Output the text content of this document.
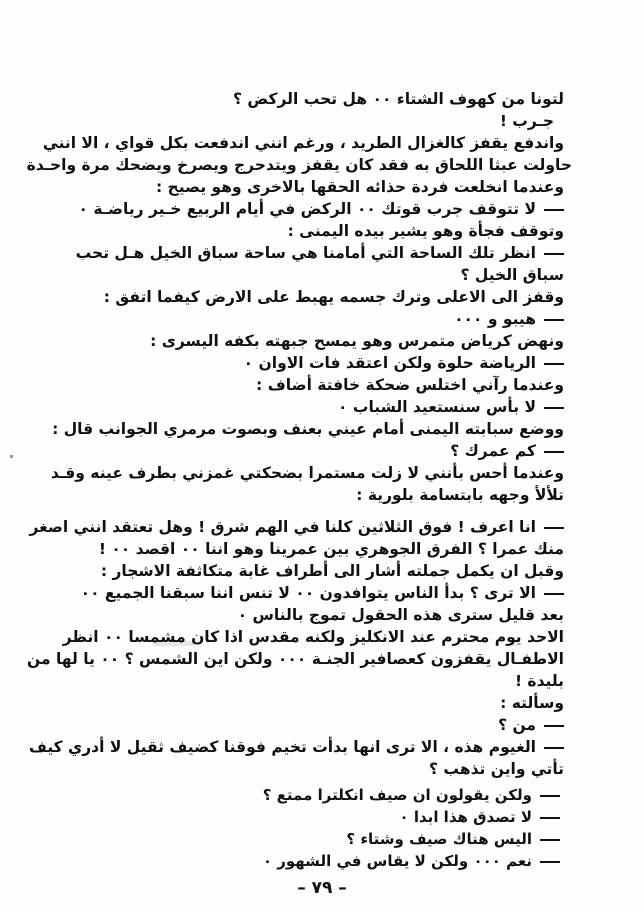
لتونا من كهوف الشتاء ٠٠ هل تحب الركض ؟
جـرب !
واندفع يقفز كالغزال الطريد ، ورغم انني اندفعت بكل قواي ، الا انني
حاولت عبثا اللحاق به فقد كان يقفز ويتدحرج ويصرخ ويضحك مرة واحـدة
وعندما انخلعت فردة حذائه الحقها بالاخرى وهو يصيح :
لا تتوقف جرب قوتك ٠٠ الركض في أيام الربيع خـير رياضـة ٠
وتوقف فجأة وهو يشير بيده اليمنى :
انظر تلك الساحة التي أمامنا هي ساحة سباق الخيل هـل تحب
سباق الخيل ؟
وقفز الى الاعلى وترك جسمه يهبط على الارض كيفما اتفق :
هيبو و ٠٠٠
ونهض كرياض متمرس وهو يمسح جبهته بكفه اليسرى :
الرياضة حلوة ولكن اعتقد فات الاوان ٠
وعندما رآني اختلس ضحكة خافتة أضاف :
لا بأس سنستعيد الشباب ٠
ووضع سبابته اليمنى أمام عيني بعنف وبصوت مرمري الجوانب قال :
كم عمرك ؟
وعندما أحس بأنني لا زلت مستمرا بضحكتي غمزني بطرف عينه وقـد
تلألأ وجهه بابتسامة بلورية :
انا اعرف ! فوق الثلاثين كلنا في الهم شرق ! وهل تعتقد انني اصغر
منك عمرا ؟ الفرق الجوهري بين عمرينا وهو اننا ٠٠ اقصد ٠٠ !
وقبل ان يكمل جملته أشار الى أطراف غابة متكاثفة الاشجار :
الا ترى ؟ بدأ الناس يتوافدون ٠٠ لا تنس اننا سبقنا الجميع ٠٠
بعد قليل سترى هذه الحقول تموج بالناس ٠
الاحد يوم محترم عند الانكليز ولكنه مقدس اذا كان مشمسا ٠٠ انظر
الاطفـال يقفزون كعصافير الجنـة ٠٠٠ ولكن اين الشمس ؟ ٠٠ يا لها من
بليدة !
وسألته :
من ؟
الغيوم هذه ، الا ترى انها بدأت تخيم فوقنا كضيف ثقيل لا أدري كيف
تأتي واين تذهب ؟
ولكن يقولون ان صيف انكلترا ممتع ؟
لا تصدق هذا ابدا ٠
اليس هناك صيف وشتاء ؟
نعم ٠٠٠ ولكن لا يقاس في الشهور ٠
– ٧٩ –
